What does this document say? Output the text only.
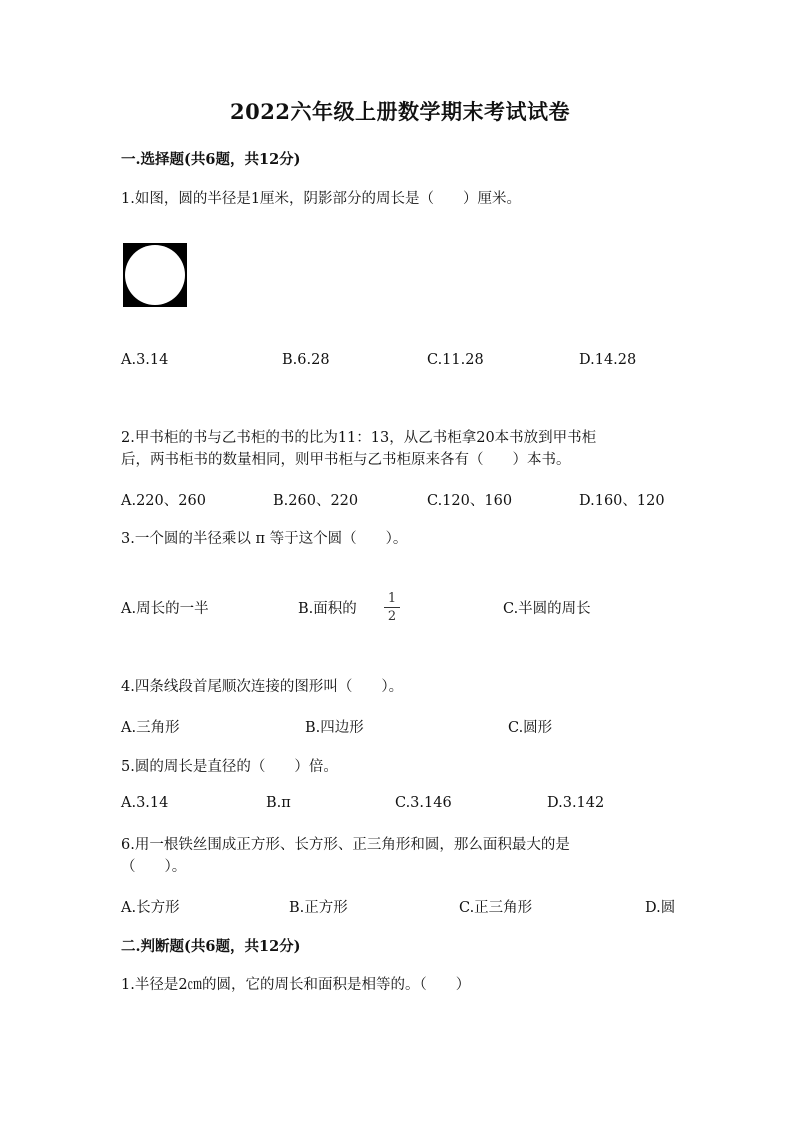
2022六年级上册数学期末考试试卷
一.选择题(共6题，共12分)
1.如图，圆的半径是1厘米，阴影部分的周长是（　　）厘米。
A.3.14	B.6.28	C.11.28	D.14.28
2.甲书柜的书与乙书柜的书的比为11：13，从乙书柜拿20本书放到甲书柜
后，两书柜书的数量相同，则甲书柜与乙书柜原来各有（　　）本书。
A.220、260	B.260、220	C.120、160	D.160、120
3.一个圆的半径乘以 π 等于这个圆（　　）。
A.周长的一半	B.面积的
1
2	C.半圆的周长
4.四条线段首尾顺次连接的图形叫（　　）。
A.三角形	B.四边形	C.圆形
5.圆的周长是直径的（　　）倍。
A.3.14	B.π	C.3.146	D.3.142
6.用一根铁丝围成正方形、长方形、正三角形和圆，那么面积最大的是
（　　）。
A.长方形	B.正方形	C.正三角形	D.圆
二.判断题(共6题，共12分)
1.半径是2㎝的圆，它的周长和面积是相等的。（　　）
